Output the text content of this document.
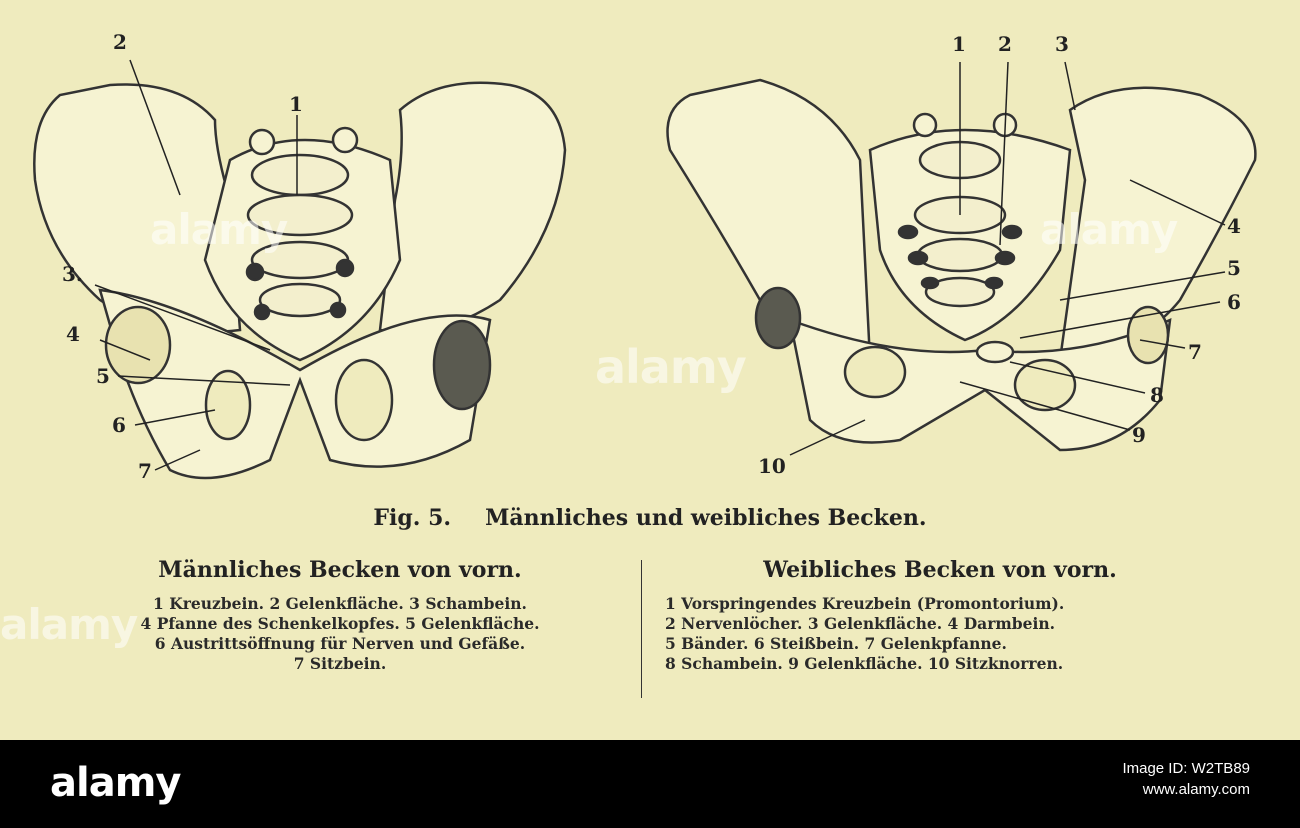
2
1
3.
4
5
6
7
1 2 3
4
5
6
7
8
9
10
Fig. 5. Männliches und weibliches Becken.
Männliches Becken von vorn.
1 Kreuzbein. 2 Gelenkfläche. 3 Schambein.
4 Pfanne des Schenkelkopfes. 5 Gelenkfläche.
6 Austrittsöffnung für Nerven und Gefäße.
7 Sitzbein.
Weibliches Becken von vorn.
1 Vorspringendes Kreuzbein (Promontorium).
2 Nervenlöcher. 3 Gelenkfläche. 4 Darmbein.
5 Bänder. 6 Steißbein. 7 Gelenkpfanne.
8 Schambein. 9 Gelenkfläche. 10 Sitzknorren.
alamy
alamy
alamy
alamy
alamy	Image ID: W2TB89
www.alamy.com
